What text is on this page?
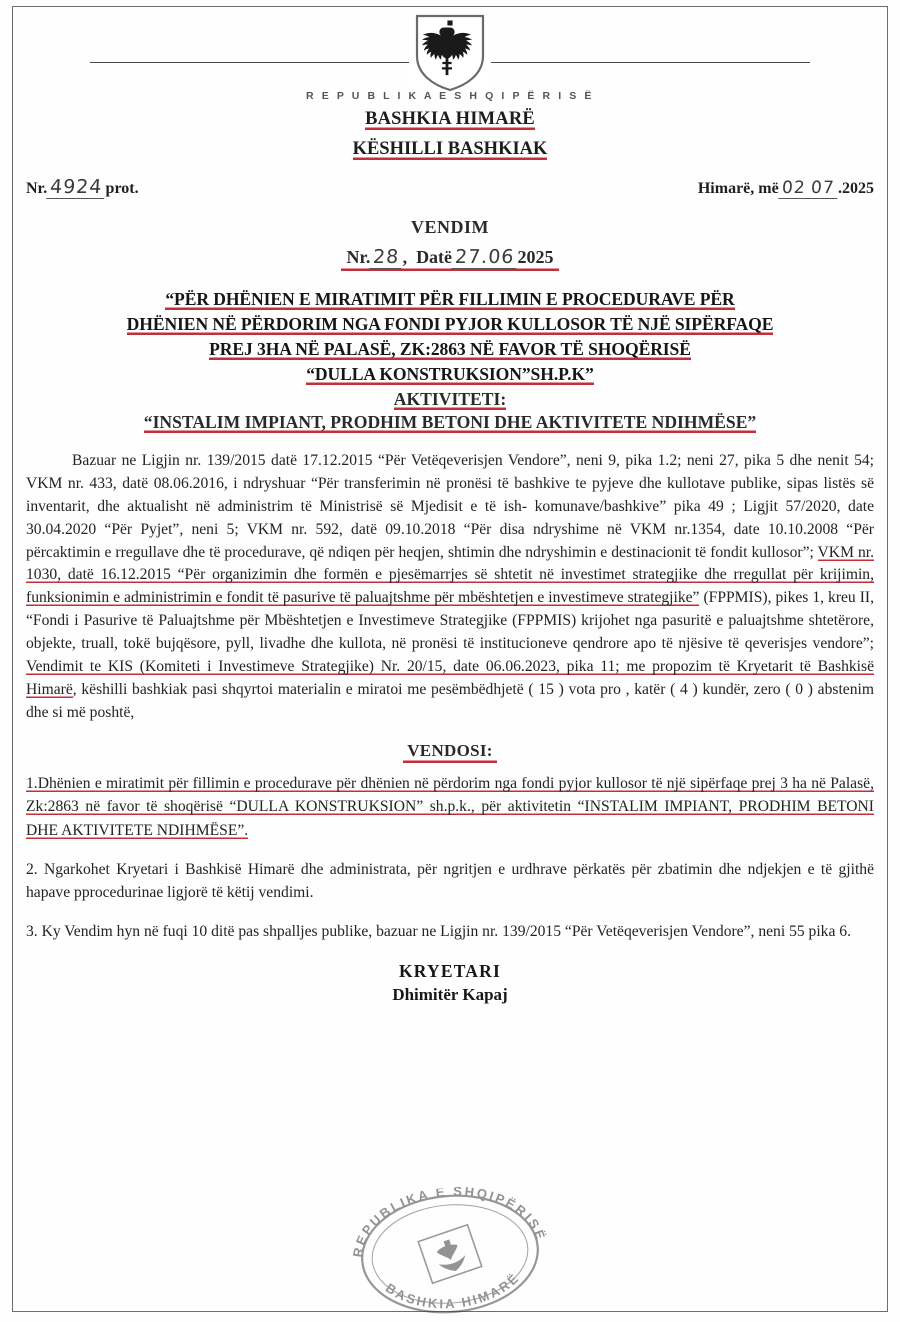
R E P U B L I K A E S H Q I P Ë R I S Ë
BASHKIA HIMARË
KËSHILLI BASHKIAK
Nr. 4924 prot.	Himarë, më 02 07 .2025
VENDIM
Nr. 28 , Datë 27.06 2025
“PËR DHËNIEN E MIRATIMIT PËR FILLIMIN E PROCEDURAVE PËR
DHËNIEN NË PËRDORIM NGA FONDI PYJOR KULLOSOR TË NJË SIPËRFAQE
PREJ 3HA NË PALASË, ZK:2863 NË FAVOR TË SHOQËRISË
“DULLA KONSTRUKSION”SH.P.K”
AKTIVITETI:
“INSTALIM IMPIANT, PRODHIM BETONI DHE AKTIVITETE NDIHMËSE”

Bazuar ne Ligjin nr. 139/2015 datë 17.12.2015 “Për Vetëqeverisjen Vendore”, neni 9, pika 1.2; neni 27, pika 5 dhe nenit 54; VKM nr. 433, datë 08.06.2016, i ndryshuar “Për transferimin në pronësi të bashkive te pyjeve dhe kullotave publike, sipas listës së inventarit, dhe aktualisht në administrim të Ministrisë së Mjedisit e të ish- komunave/bashkive” pika 49 ; Ligjit 57/2020, date 30.04.2020 “Për Pyjet”, neni 5; VKM nr. 592, datë 09.10.2018 “Për disa ndryshime në VKM nr.1354, date 10.10.2008 “Për përcaktimin e rregullave dhe të procedurave, që ndiqen për heqjen, shtimin dhe ndryshimin e destinacionit të fondit kullosor”; VKM nr. 1030, datë 16.12.2015 “Për organizimin dhe formën e pjesëmarrjes së shtetit në investimet strategjike dhe rregullat për krijimin, funksionimin e administrimin e fondit të pasurive të paluajtshme për mbështetjen e investimeve strategjike” (FPPMIS), pikes 1, kreu II, “Fondi i Pasurive të Paluajtshme për Mbështetjen e Investimeve Strategjike (FPPMIS) krijohet nga pasuritë e paluajtshme shtetërore, objekte, truall, tokë bujqësore, pyll, livadhe dhe kullota, në pronësi të institucioneve qendrore apo të njësive të qeverisjes vendore”; Vendimit te KIS (Komiteti i Investimeve Strategjike) Nr. 20/15, date 06.06.2023, pika 11; me propozim të Kryetarit të Bashkisë Himarë, këshilli bashkiak pasi shqyrtoi materialin e miratoi me pesëmbëdhjetë ( 15 ) vota pro , katër ( 4 ) kundër, zero ( 0 ) abstenim dhe si më poshtë,

VENDOSI:

1.Dhënien e miratimit për fillimin e procedurave për dhënien në përdorim nga fondi pyjor kullosor të një sipërfaqe prej 3 ha në Palasë, Zk:2863 në favor të shoqërisë “DULLA KONSTRUKSION” sh.p.k., për aktivitetin “INSTALIM IMPIANT, PRODHIM BETONI DHE AKTIVITETE NDIHMËSE”.

2. Ngarkohet Kryetari i Bashkisë Himarë dhe administrata, për ngritjen e urdhrave përkatës për zbatimin dhe ndjekjen e të gjithë hapave pprocedurinae ligjorë të këtij vendimi.

3. Ky Vendim hyn në fuqi 10 ditë pas shpalljes publike, bazuar ne Ligjin nr. 139/2015 “Për Vetëqeverisjen Vendore”, neni 55 pika 6.

KRYETARI
Dhimitër Kapaj
REPUBLIKA E SHQIPËRISË
BASHKIA HIMARË
